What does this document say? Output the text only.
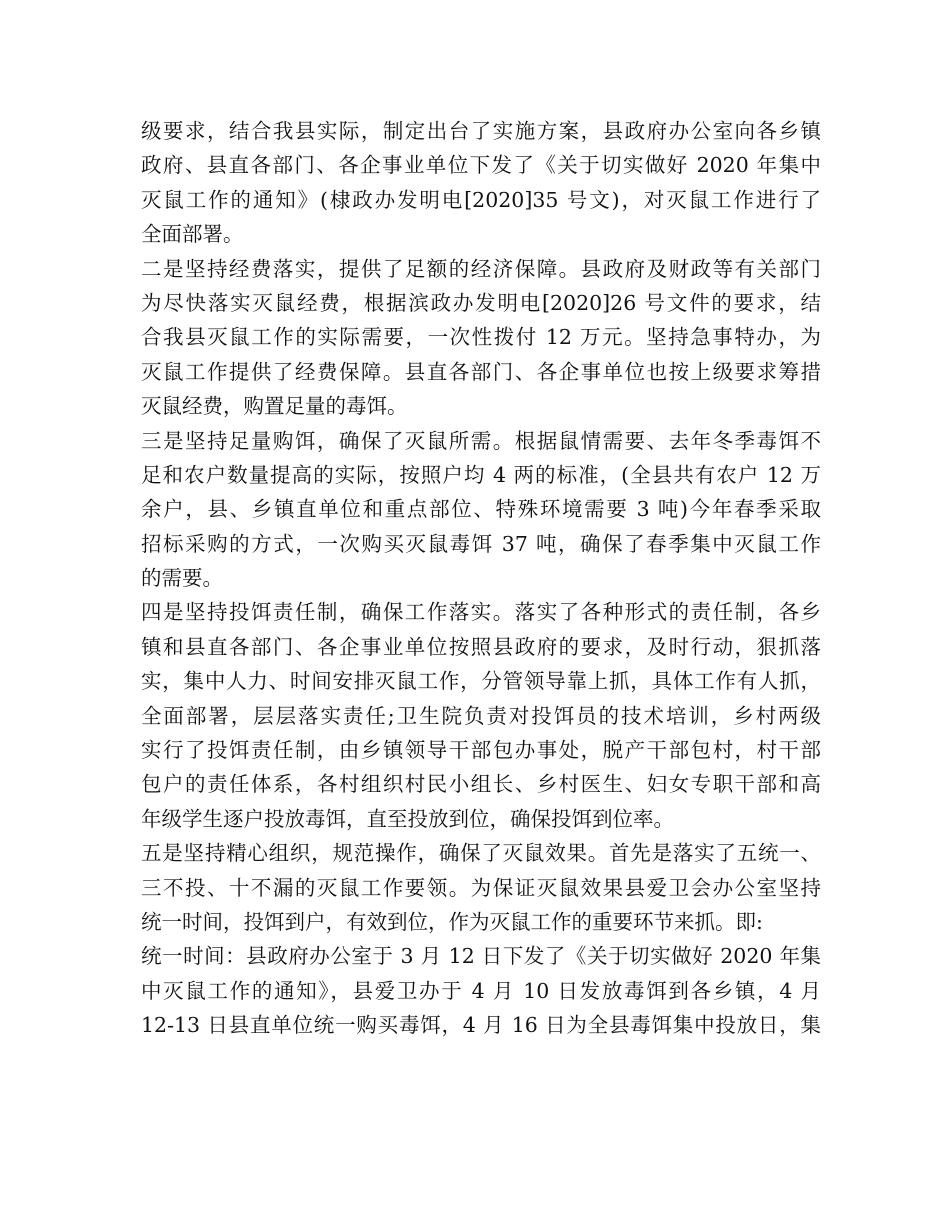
级要求，结合我县实际，制定出台了实施方案，县政府办公室向各乡镇
政府、县直各部门、各企事业单位下发了《关于切实做好 2020 年集中
灭鼠工作的通知》(棣政办发明电[2020]35 号文)，对灭鼠工作进行了
全面部署。
二是坚持经费落实，提供了足额的经济保障。县政府及财政等有关部门
为尽快落实灭鼠经费，根据滨政办发明电[2020]26 号文件的要求，结
合我县灭鼠工作的实际需要，一次性拨付 12 万元。坚持急事特办，为
灭鼠工作提供了经费保障。县直各部门、各企事单位也按上级要求筹措
灭鼠经费，购置足量的毒饵。
三是坚持足量购饵，确保了灭鼠所需。根据鼠情需要、去年冬季毒饵不
足和农户数量提高的实际，按照户均 4 两的标准，(全县共有农户 12 万
余户，县、乡镇直单位和重点部位、特殊环境需要 3 吨)今年春季采取
招标采购的方式，一次购买灭鼠毒饵 37 吨，确保了春季集中灭鼠工作
的需要。
四是坚持投饵责任制，确保工作落实。落实了各种形式的责任制，各乡
镇和县直各部门、各企事业单位按照县政府的要求，及时行动，狠抓落
实，集中人力、时间安排灭鼠工作，分管领导靠上抓，具体工作有人抓，
全面部署，层层落实责任;卫生院负责对投饵员的技术培训，乡村两级
实行了投饵责任制，由乡镇领导干部包办事处，脱产干部包村，村干部
包户的责任体系，各村组织村民小组长、乡村医生、妇女专职干部和高
年级学生逐户投放毒饵，直至投放到位，确保投饵到位率。
五是坚持精心组织，规范操作，确保了灭鼠效果。首先是落实了五统一、
三不投、十不漏的灭鼠工作要领。为保证灭鼠效果县爱卫会办公室坚持
统一时间，投饵到户，有效到位，作为灭鼠工作的重要环节来抓。即:
统一时间：县政府办公室于 3 月 12 日下发了《关于切实做好 2020 年集
中灭鼠工作的通知》，县爱卫办于 4 月 10 日发放毒饵到各乡镇，4 月
12-13 日县直单位统一购买毒饵，4 月 16 日为全县毒饵集中投放日，集
